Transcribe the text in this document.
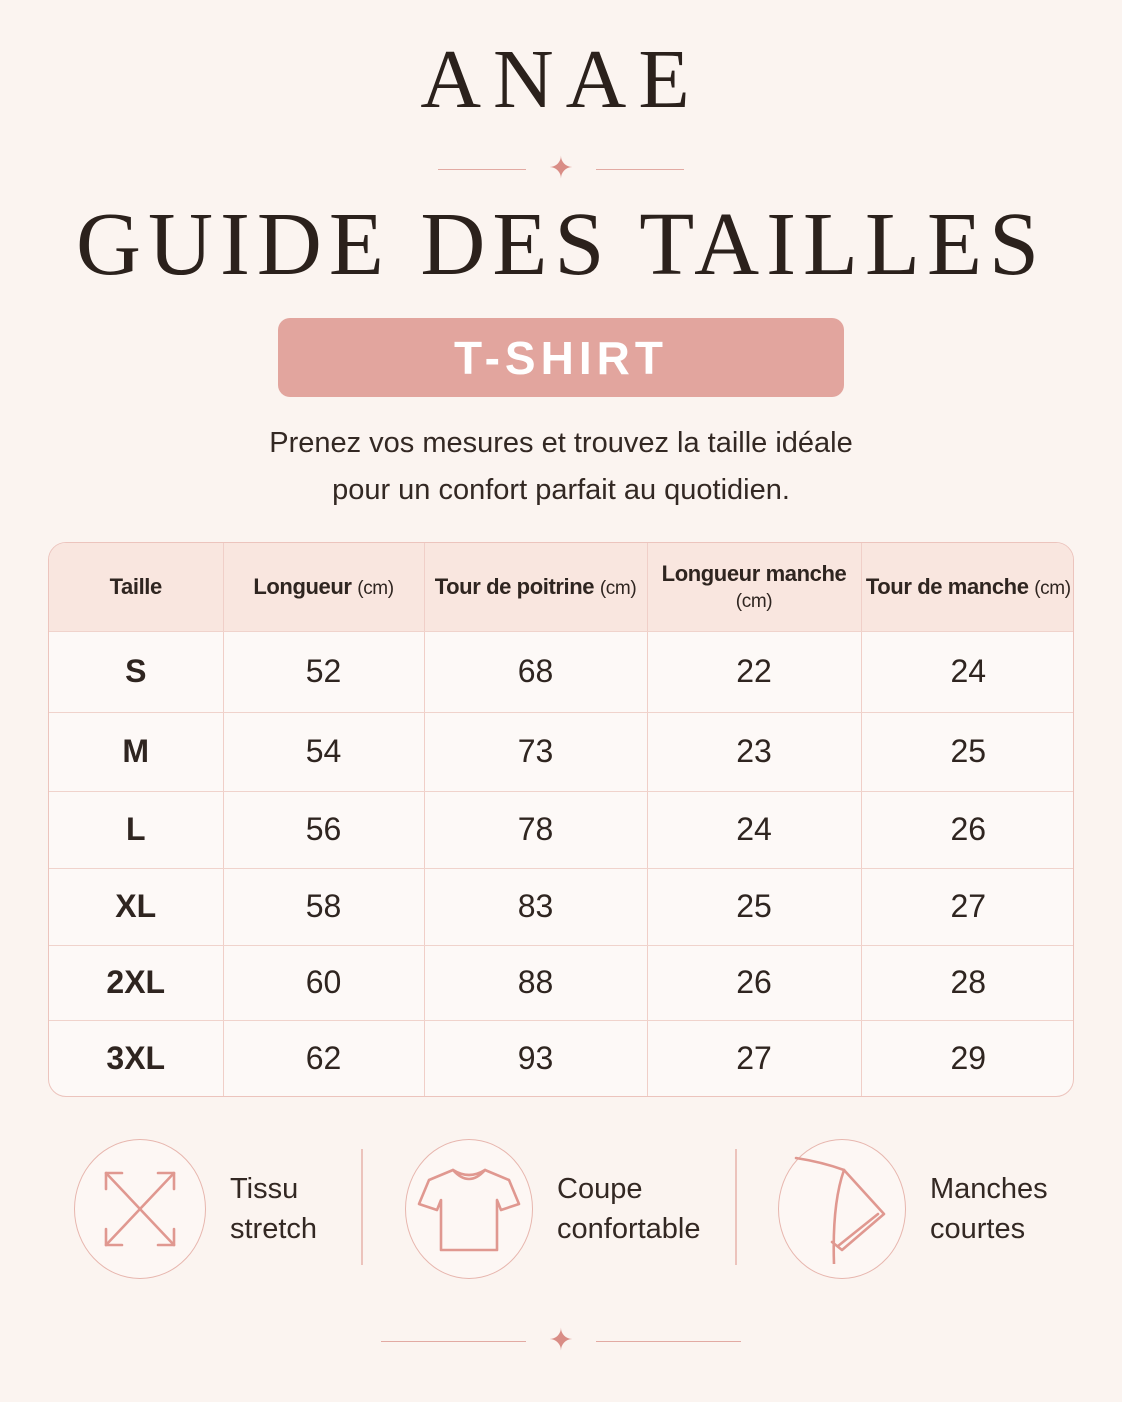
ANAE
✦
GUIDE DES TAILLES
T-SHIRT
Prenez vos mesures et trouvez la taille idéale
pour un confort parfait au quotidien.
Taille	Longueur (cm)	Tour de poitrine (cm)	Longueur manche (cm)	Tour de manche (cm)
S	52	68	22	24
M	54	73	23	25
L	56	78	24	26
XL	58	83	25	27
2XL	60	88	26	28
3XL	62	93	27	29
Tissu
stretch
Coupe
confortable
Manches
courtes
✦
